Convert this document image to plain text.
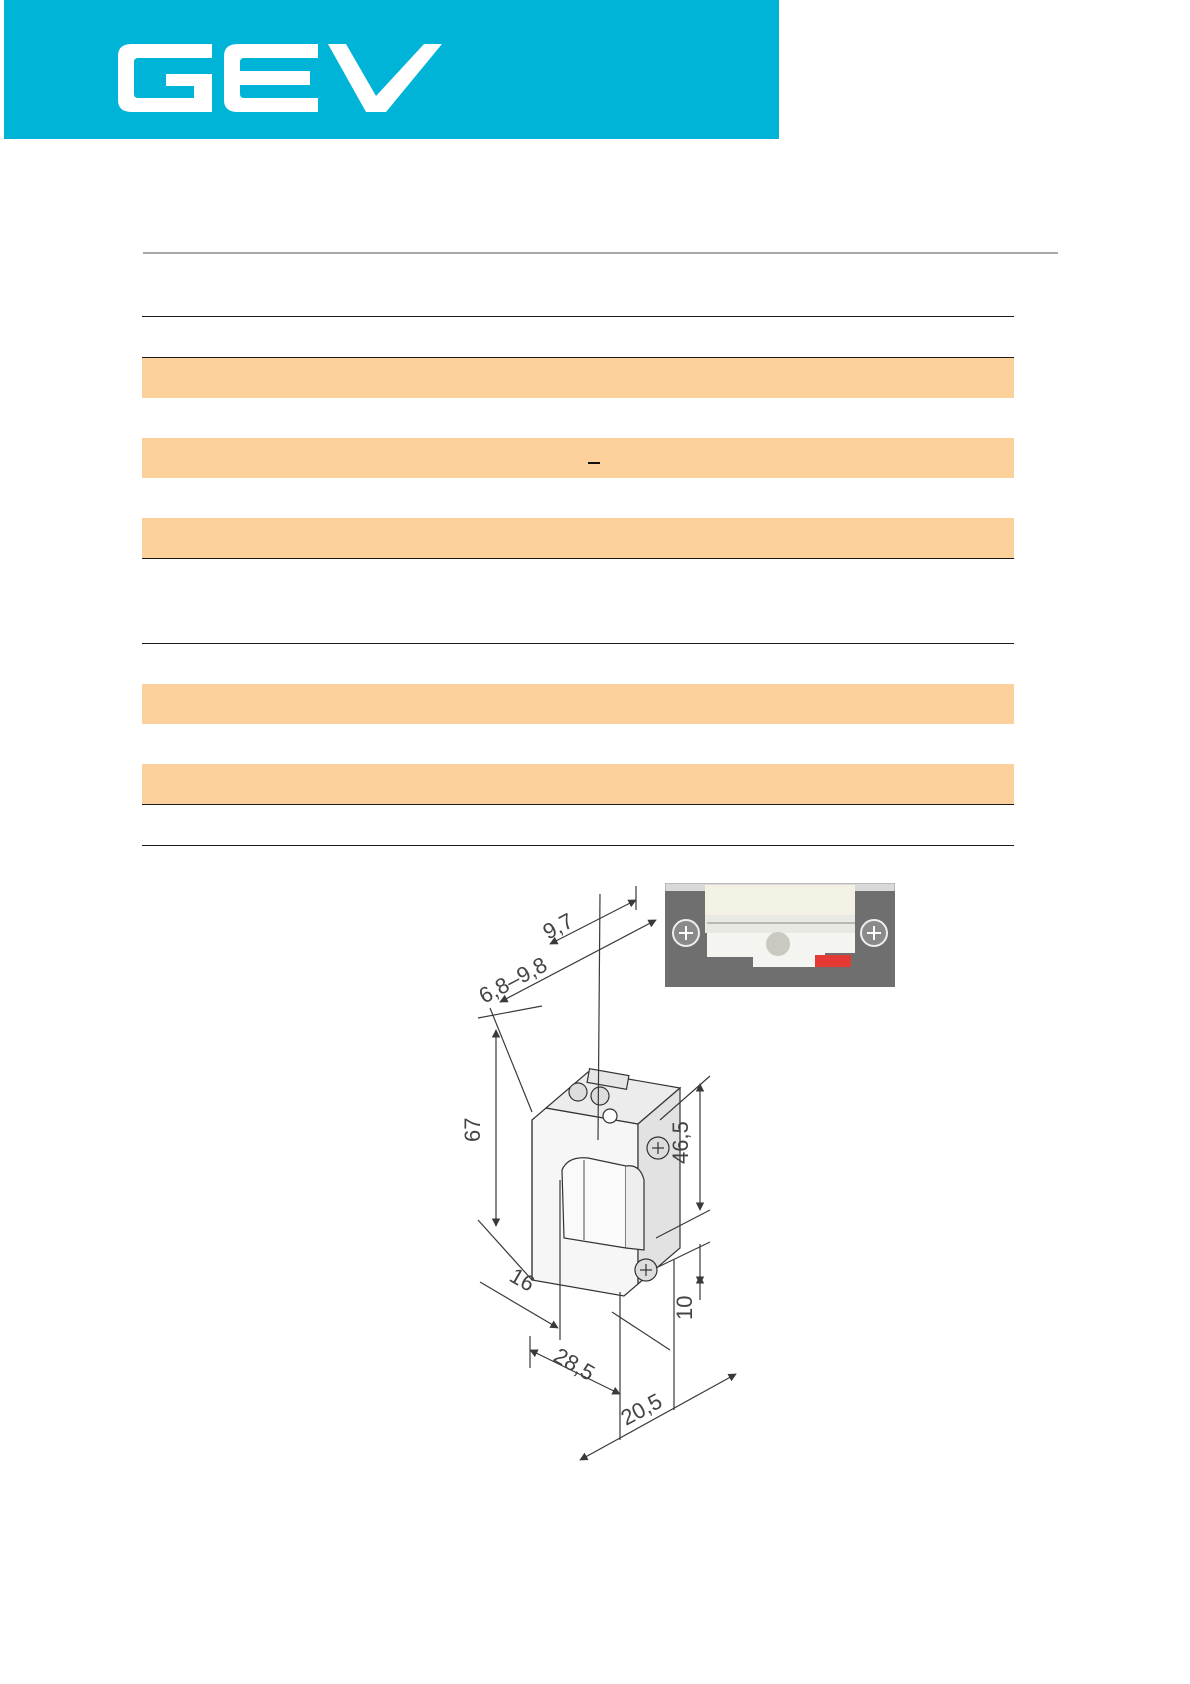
9,7
6,8–9,8
67	46,5
10
16
28,5
20,5
